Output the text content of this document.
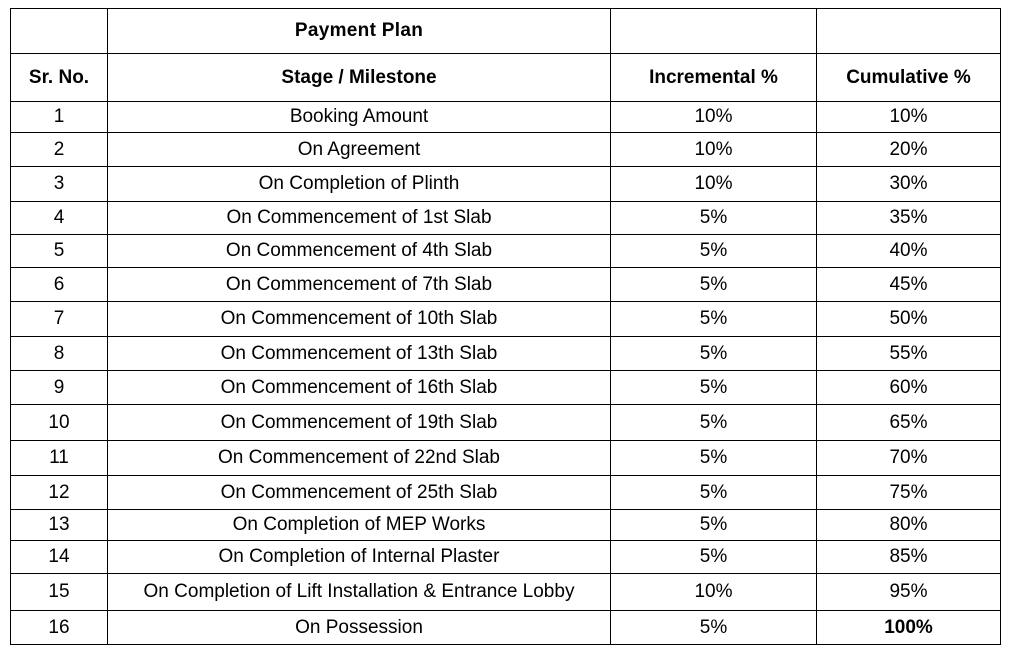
	Payment Plan		
Sr. No.	Stage / Milestone	Incremental %	Cumulative %
1	Booking Amount	10%	10%
2	On Agreement	10%	20%
3	On Completion of Plinth	10%	30%
4	On Commencement of 1st Slab	5%	35%
5	On Commencement of 4th Slab	5%	40%
6	On Commencement of 7th Slab	5%	45%
7	On Commencement of 10th Slab	5%	50%
8	On Commencement of 13th Slab	5%	55%
9	On Commencement of 16th Slab	5%	60%
10	On Commencement of 19th Slab	5%	65%
11	On Commencement of 22nd Slab	5%	70%
12	On Commencement of 25th Slab	5%	75%
13	On Completion of MEP Works	5%	80%
14	On Completion of Internal Plaster	5%	85%
15	On Completion of Lift Installation & Entrance Lobby	10%	95%
16	On Possession	5%	100%
